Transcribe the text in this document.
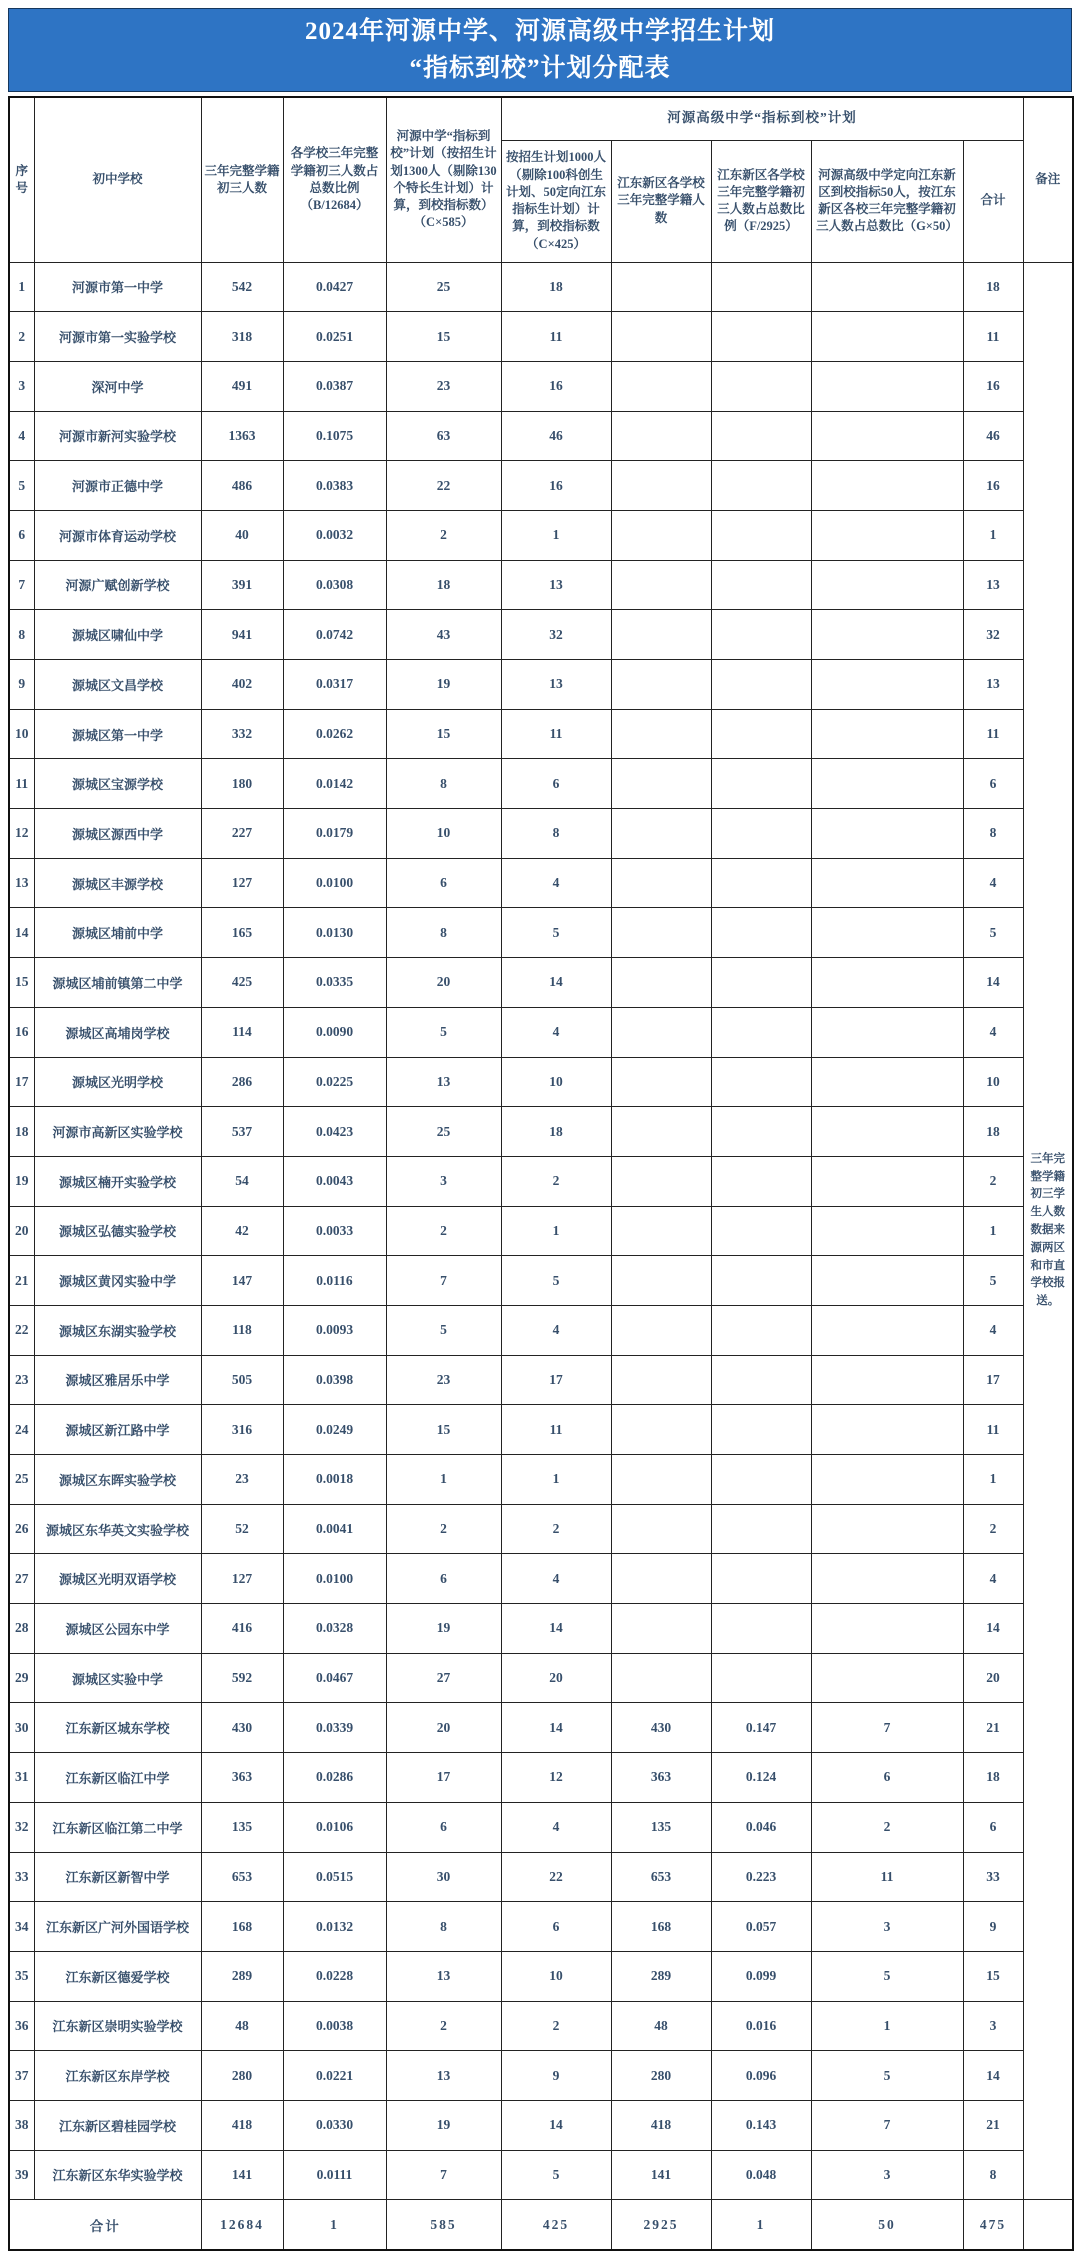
2024年河源中学、河源高级中学招生计划
“指标到校”计划分配表
序号	初中学校	三年完整学籍初三人数	各学校三年完整学籍初三人数占总数比例（B/12684）	河源中学“指标到校”计划（按招生计划1300人（剔除130个特长生计划）计算，到校指标数）（C×585）	河源高级中学“指标到校”计划					备注
					按招生计划1000人（剔除100科创生计划、50定向江东指标生计划）计算，到校指标数（C×425）	江东新区各学校三年完整学籍人数	江东新区各学校三年完整学籍初三人数占总数比例（F/2925）	河源高级中学定向江东新区到校指标50人，按江东新区各校三年完整学籍初三人数占总数比（G×50）	合计	
1	河源市第一中学	542	0.0427	25	18				18	三年完整学籍初三学生人数数据来源两区和市直学校报送。
2	河源市第一实验学校	318	0.0251	15	11				11	
3	深河中学	491	0.0387	23	16				16	
4	河源市新河实验学校	1363	0.1075	63	46				46	
5	河源市正德中学	486	0.0383	22	16				16	
6	河源市体育运动学校	40	0.0032	2	1				1	
7	河源广赋创新学校	391	0.0308	18	13				13	
8	源城区啸仙中学	941	0.0742	43	32				32	
9	源城区文昌学校	402	0.0317	19	13				13	
10	源城区第一中学	332	0.0262	15	11				11	
11	源城区宝源学校	180	0.0142	8	6				6	
12	源城区源西中学	227	0.0179	10	8				8	
13	源城区丰源学校	127	0.0100	6	4				4	
14	源城区埔前中学	165	0.0130	8	5				5	
15	源城区埔前镇第二中学	425	0.0335	20	14				14	
16	源城区高埔岗学校	114	0.0090	5	4				4	
17	源城区光明学校	286	0.0225	13	10				10	
18	河源市高新区实验学校	537	0.0423	25	18				18	
19	源城区楠开实验学校	54	0.0043	3	2				2	
20	源城区弘德实验学校	42	0.0033	2	1				1	
21	源城区黄冈实验中学	147	0.0116	7	5				5	
22	源城区东湖实验学校	118	0.0093	5	4				4	
23	源城区雅居乐中学	505	0.0398	23	17				17	
24	源城区新江路中学	316	0.0249	15	11				11	
25	源城区东晖实验学校	23	0.0018	1	1				1	
26	源城区东华英文实验学校	52	0.0041	2	2				2	
27	源城区光明双语学校	127	0.0100	6	4				4	
28	源城区公园东中学	416	0.0328	19	14				14	
29	源城区实验中学	592	0.0467	27	20				20	
30	江东新区城东学校	430	0.0339	20	14	430	0.147	7	21	
31	江东新区临江中学	363	0.0286	17	12	363	0.124	6	18	
32	江东新区临江第二中学	135	0.0106	6	4	135	0.046	2	6	
33	江东新区新智中学	653	0.0515	30	22	653	0.223	11	33	
34	江东新区广河外国语学校	168	0.0132	8	6	168	0.057	3	9	
35	江东新区德爱学校	289	0.0228	13	10	289	0.099	5	15	
36	江东新区崇明实验学校	48	0.0038	2	2	48	0.016	1	3	
37	江东新区东岸学校	280	0.0221	13	9	280	0.096	5	14	
38	江东新区碧桂园学校	418	0.0330	19	14	418	0.143	7	21	
39	江东新区东华实验学校	141	0.0111	7	5	141	0.048	3	8	
合计		12684	1	585	425	2925	1	50	475	
